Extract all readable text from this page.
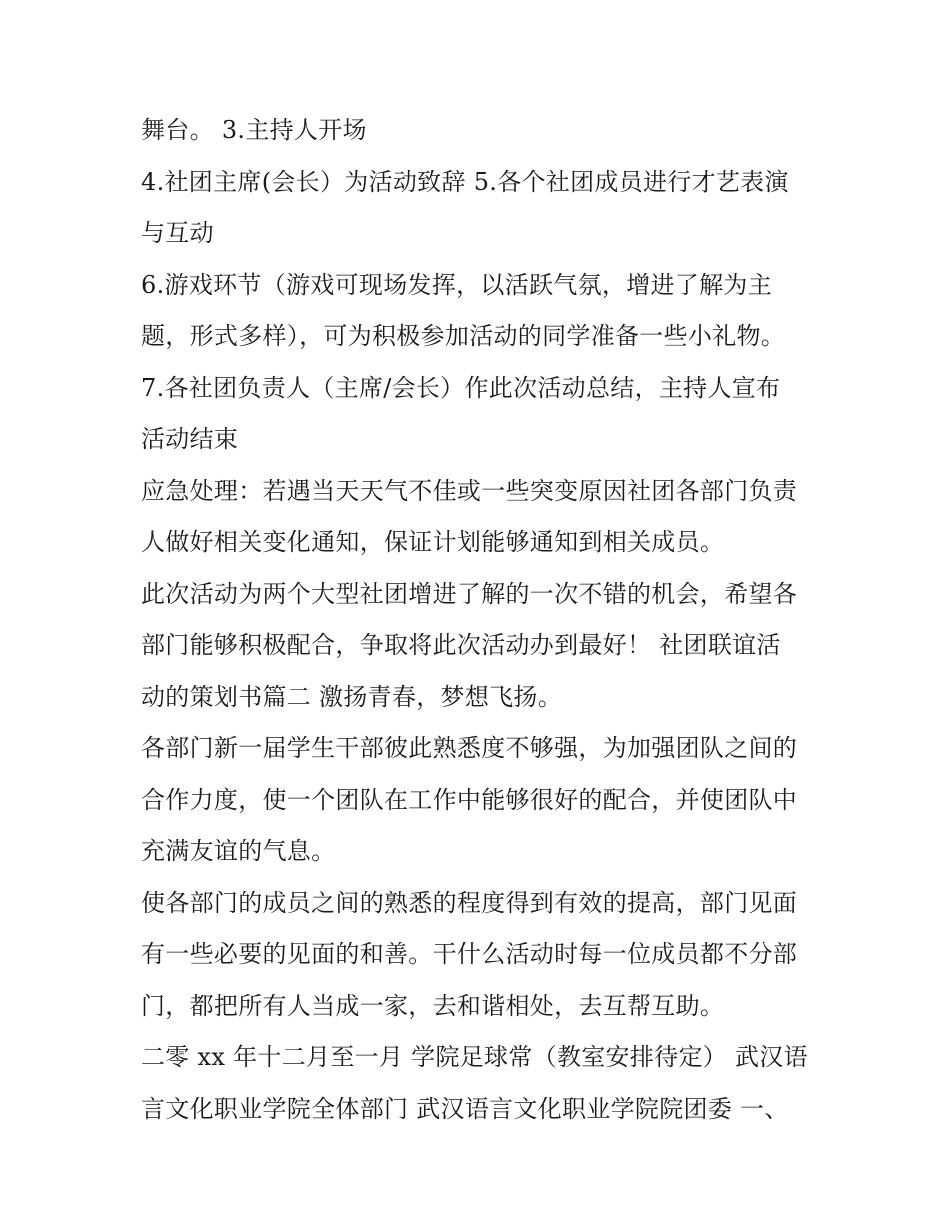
舞台。 3.主持人开场
4.社团主席(会长）为活动致辞 5.各个社团成员进行才艺表演
与互动
6.游戏环节（游戏可现场发挥，以活跃气氛，增进了解为主
题，形式多样），可为积极参加活动的同学准备一些小礼物。
7.各社团负责人（主席/会长）作此次活动总结，主持人宣布
活动结束
应急处理：若遇当天天气不佳或一些突变原因社团各部门负责
人做好相关变化通知，保证计划能够通知到相关成员。
此次活动为两个大型社团增进了解的一次不错的机会，希望各
部门能够积极配合，争取将此次活动办到最好！ 社团联谊活
动的策划书篇二 激扬青春，梦想飞扬。
各部门新一届学生干部彼此熟悉度不够强，为加强团队之间的
合作力度，使一个团队在工作中能够很好的配合，并使团队中
充满友谊的气息。
使各部门的成员之间的熟悉的程度得到有效的提高，部门见面
有一些必要的见面的和善。干什么活动时每一位成员都不分部
门，都把所有人当成一家，去和谐相处，去互帮互助。
二零 xx 年十二月至一月 学院足球常（教室安排待定） 武汉语
言文化职业学院全体部门 武汉语言文化职业学院院团委 一、
